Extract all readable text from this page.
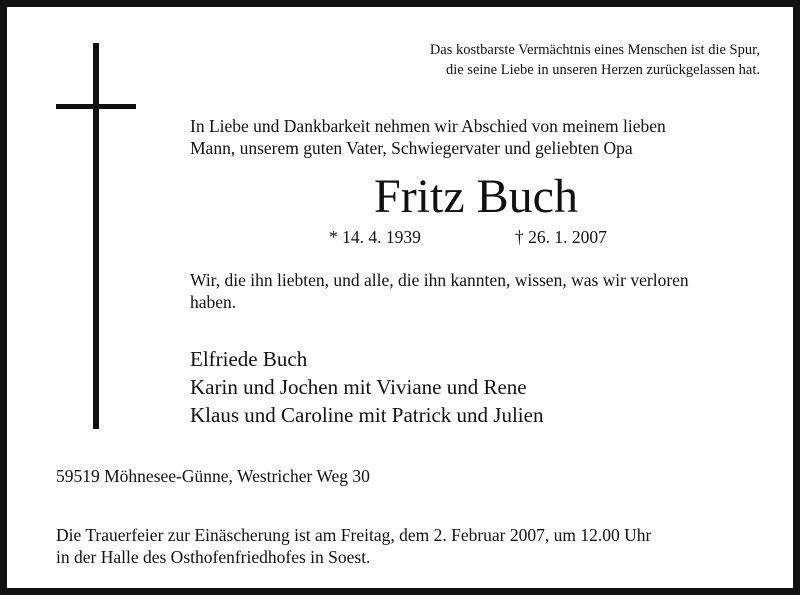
Das kostbarste Vermächtnis eines Menschen ist die Spur,
die seine Liebe in unseren Herzen zurückgelassen hat.
In Liebe und Dankbarkeit nehmen wir Abschied von meinem lieben
Mann, unserem guten Vater, Schwiegervater und geliebten Opa
Fritz Buch
* 14. 4. 1939	† 26. 1. 2007
Wir, die ihn liebten, und alle, die ihn kannten, wissen, was wir verloren
haben.
Elfriede Buch
Karin und Jochen mit Viviane und Rene
Klaus und Caroline mit Patrick und Julien
59519 Möhnesee-Günne, Westricher Weg 30
Die Trauerfeier zur Einäscherung ist am Freitag, dem 2. Februar 2007, um 12.00 Uhr
in der Halle des Osthofenfriedhofes in Soest.
